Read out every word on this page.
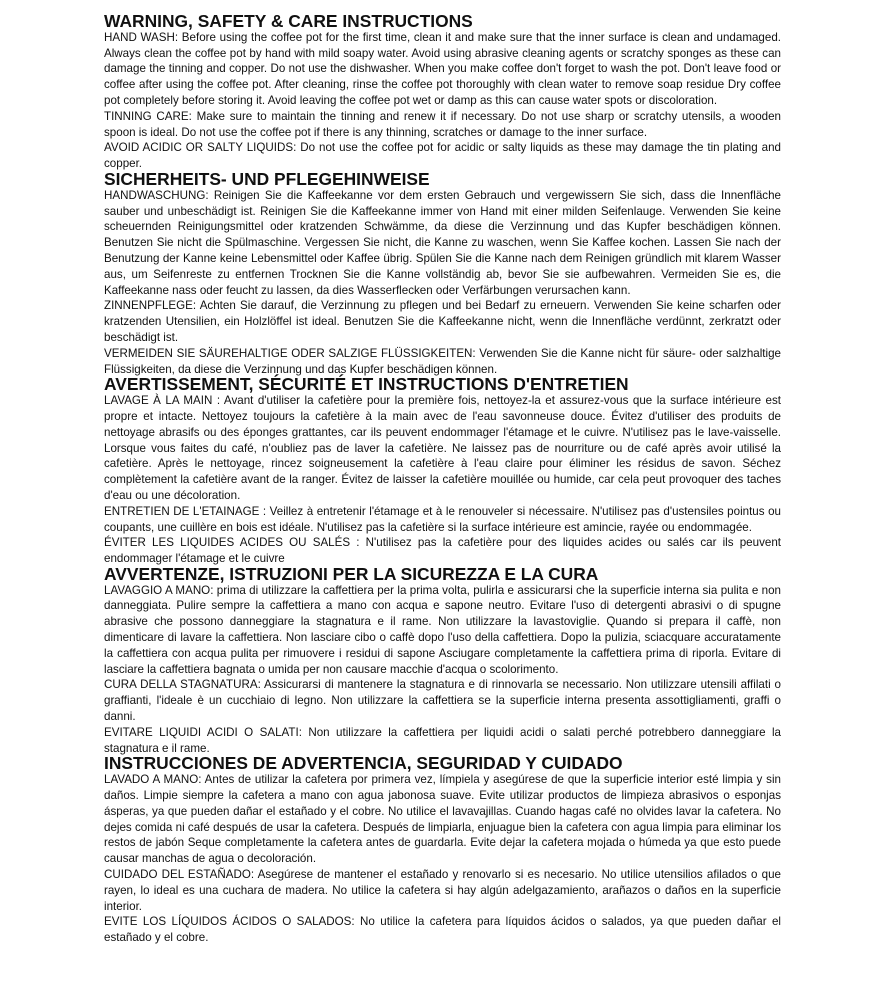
WARNING, SAFETY & CARE INSTRUCTIONS

HAND WASH: Before using the coffee pot for the first time, clean it and make sure that the inner surface is clean and undamaged. Always clean the coffee pot by hand with mild soapy water. Avoid using abrasive cleaning agents or scratchy sponges as these can damage the tinning and copper. Do not use the dishwasher. When you make coffee don't forget to wash the pot. Don't leave food or coffee after using the coffee pot. After cleaning, rinse the coffee pot thoroughly with clean water to remove soap residue Dry coffee pot completely before storing it. Avoid leaving the coffee pot wet or damp as this can cause water spots or discoloration.

TINNING CARE: Make sure to maintain the tinning and renew it if necessary. Do not use sharp or scratchy utensils, a wooden spoon is ideal. Do not use the coffee pot if there is any thinning, scratches or damage to the inner surface.

AVOID ACIDIC OR SALTY LIQUIDS: Do not use the coffee pot for acidic or salty liquids as these may damage the tin plating and copper.

SICHERHEITS- UND PFLEGEHINWEISE

HANDWASCHUNG: Reinigen Sie die Kaffeekanne vor dem ersten Gebrauch und vergewissern Sie sich, dass die Innenfläche sauber und unbeschädigt ist. Reinigen Sie die Kaffeekanne immer von Hand mit einer milden Seifenlauge. Verwenden Sie keine scheuernden Reinigungsmittel oder kratzenden Schwämme, da diese die Verzinnung und das Kupfer beschädigen können. Benutzen Sie nicht die Spülmaschine. Vergessen Sie nicht, die Kanne zu waschen, wenn Sie Kaffee kochen. Lassen Sie nach der Benutzung der Kanne keine Lebensmittel oder Kaffee übrig. Spülen Sie die Kanne nach dem Reinigen gründlich mit klarem Wasser aus, um Seifenreste zu entfernen Trocknen Sie die Kanne vollständig ab, bevor Sie sie aufbewahren. Vermeiden Sie es, die Kaffeekanne nass oder feucht zu lassen, da dies Wasserflecken oder Verfärbungen verursachen kann.

ZINNENPFLEGE: Achten Sie darauf, die Verzinnung zu pflegen und bei Bedarf zu erneuern. Verwenden Sie keine scharfen oder kratzenden Utensilien, ein Holzlöffel ist ideal. Benutzen Sie die Kaffeekanne nicht, wenn die Innenfläche verdünnt, zerkratzt oder beschädigt ist.

VERMEIDEN SIE SÄUREHALTIGE ODER SALZIGE FLÜSSIGKEITEN: Verwenden Sie die Kanne nicht für säure- oder salzhaltige Flüssigkeiten, da diese die Verzinnung und das Kupfer beschädigen können.

AVERTISSEMENT, SÉCURITÉ ET INSTRUCTIONS D'ENTRETIEN

LAVAGE À LA MAIN : Avant d'utiliser la cafetière pour la première fois, nettoyez-la et assurez-vous que la surface intérieure est propre et intacte. Nettoyez toujours la cafetière à la main avec de l'eau savonneuse douce. Évitez d'utiliser des produits de nettoyage abrasifs ou des éponges grattantes, car ils peuvent endommager l'étamage et le cuivre. N'utilisez pas le lave-vaisselle. Lorsque vous faites du café, n'oubliez pas de laver la cafetière. Ne laissez pas de nourriture ou de café après avoir utilisé la cafetière. Après le nettoyage, rincez soigneusement la cafetière à l'eau claire pour éliminer les résidus de savon. Séchez complètement la cafetière avant de la ranger. Évitez de laisser la cafetière mouillée ou humide, car cela peut provoquer des taches d'eau ou une décoloration.

ENTRETIEN DE L'ETAINAGE : Veillez à entretenir l'étamage et à le renouveler si nécessaire. N'utilisez pas d'ustensiles pointus ou coupants, une cuillère en bois est idéale. N'utilisez pas la cafetière si la surface intérieure est amincie, rayée ou endommagée.

ÉVITER LES LIQUIDES ACIDES OU SALÉS : N'utilisez pas la cafetière pour des liquides acides ou salés car ils peuvent endommager l'étamage et le cuivre

AVVERTENZE, ISTRUZIONI PER LA SICUREZZA E LA CURA

LAVAGGIO A MANO: prima di utilizzare la caffettiera per la prima volta, pulirla e assicurarsi che la superficie interna sia pulita e non danneggiata. Pulire sempre la caffettiera a mano con acqua e sapone neutro. Evitare l'uso di detergenti abrasivi o di spugne abrasive che possono danneggiare la stagnatura e il rame. Non utilizzare la lavastoviglie. Quando si prepara il caffè, non dimenticare di lavare la caffettiera. Non lasciare cibo o caffè dopo l'uso della caffettiera. Dopo la pulizia, sciacquare accuratamente la caffettiera con acqua pulita per rimuovere i residui di sapone Asciugare completamente la caffettiera prima di riporla. Evitare di lasciare la caffettiera bagnata o umida per non causare macchie d'acqua o scolorimento.

CURA DELLA STAGNATURA: Assicurarsi di mantenere la stagnatura e di rinnovarla se necessario. Non utilizzare utensili affilati o graffianti, l'ideale è un cucchiaio di legno. Non utilizzare la caffettiera se la superficie interna presenta assottigliamenti, graffi o danni.

EVITARE LIQUIDI ACIDI O SALATI: Non utilizzare la caffettiera per liquidi acidi o salati perché potrebbero danneggiare la stagnatura e il rame.

INSTRUCCIONES DE ADVERTENCIA, SEGURIDAD Y CUIDADO

LAVADO A MANO: Antes de utilizar la cafetera por primera vez, límpiela y asegúrese de que la superficie interior esté limpia y sin daños. Limpie siempre la cafetera a mano con agua jabonosa suave. Evite utilizar productos de limpieza abrasivos o esponjas ásperas, ya que pueden dañar el estañado y el cobre. No utilice el lavavajillas. Cuando hagas café no olvides lavar la cafetera. No dejes comida ni café después de usar la cafetera. Después de limpiarla, enjuague bien la cafetera con agua limpia para eliminar los restos de jabón Seque completamente la cafetera antes de guardarla. Evite dejar la cafetera mojada o húmeda ya que esto puede causar manchas de agua o decoloración.

CUIDADO DEL ESTAÑADO: Asegúrese de mantener el estañado y renovarlo si es necesario. No utilice utensilios afilados o que rayen, lo ideal es una cuchara de madera. No utilice la cafetera si hay algún adelgazamiento, arañazos o daños en la superficie interior.

EVITE LOS LÍQUIDOS ÁCIDOS O SALADOS: No utilice la cafetera para líquidos ácidos o salados, ya que pueden dañar el estañado y el cobre.
